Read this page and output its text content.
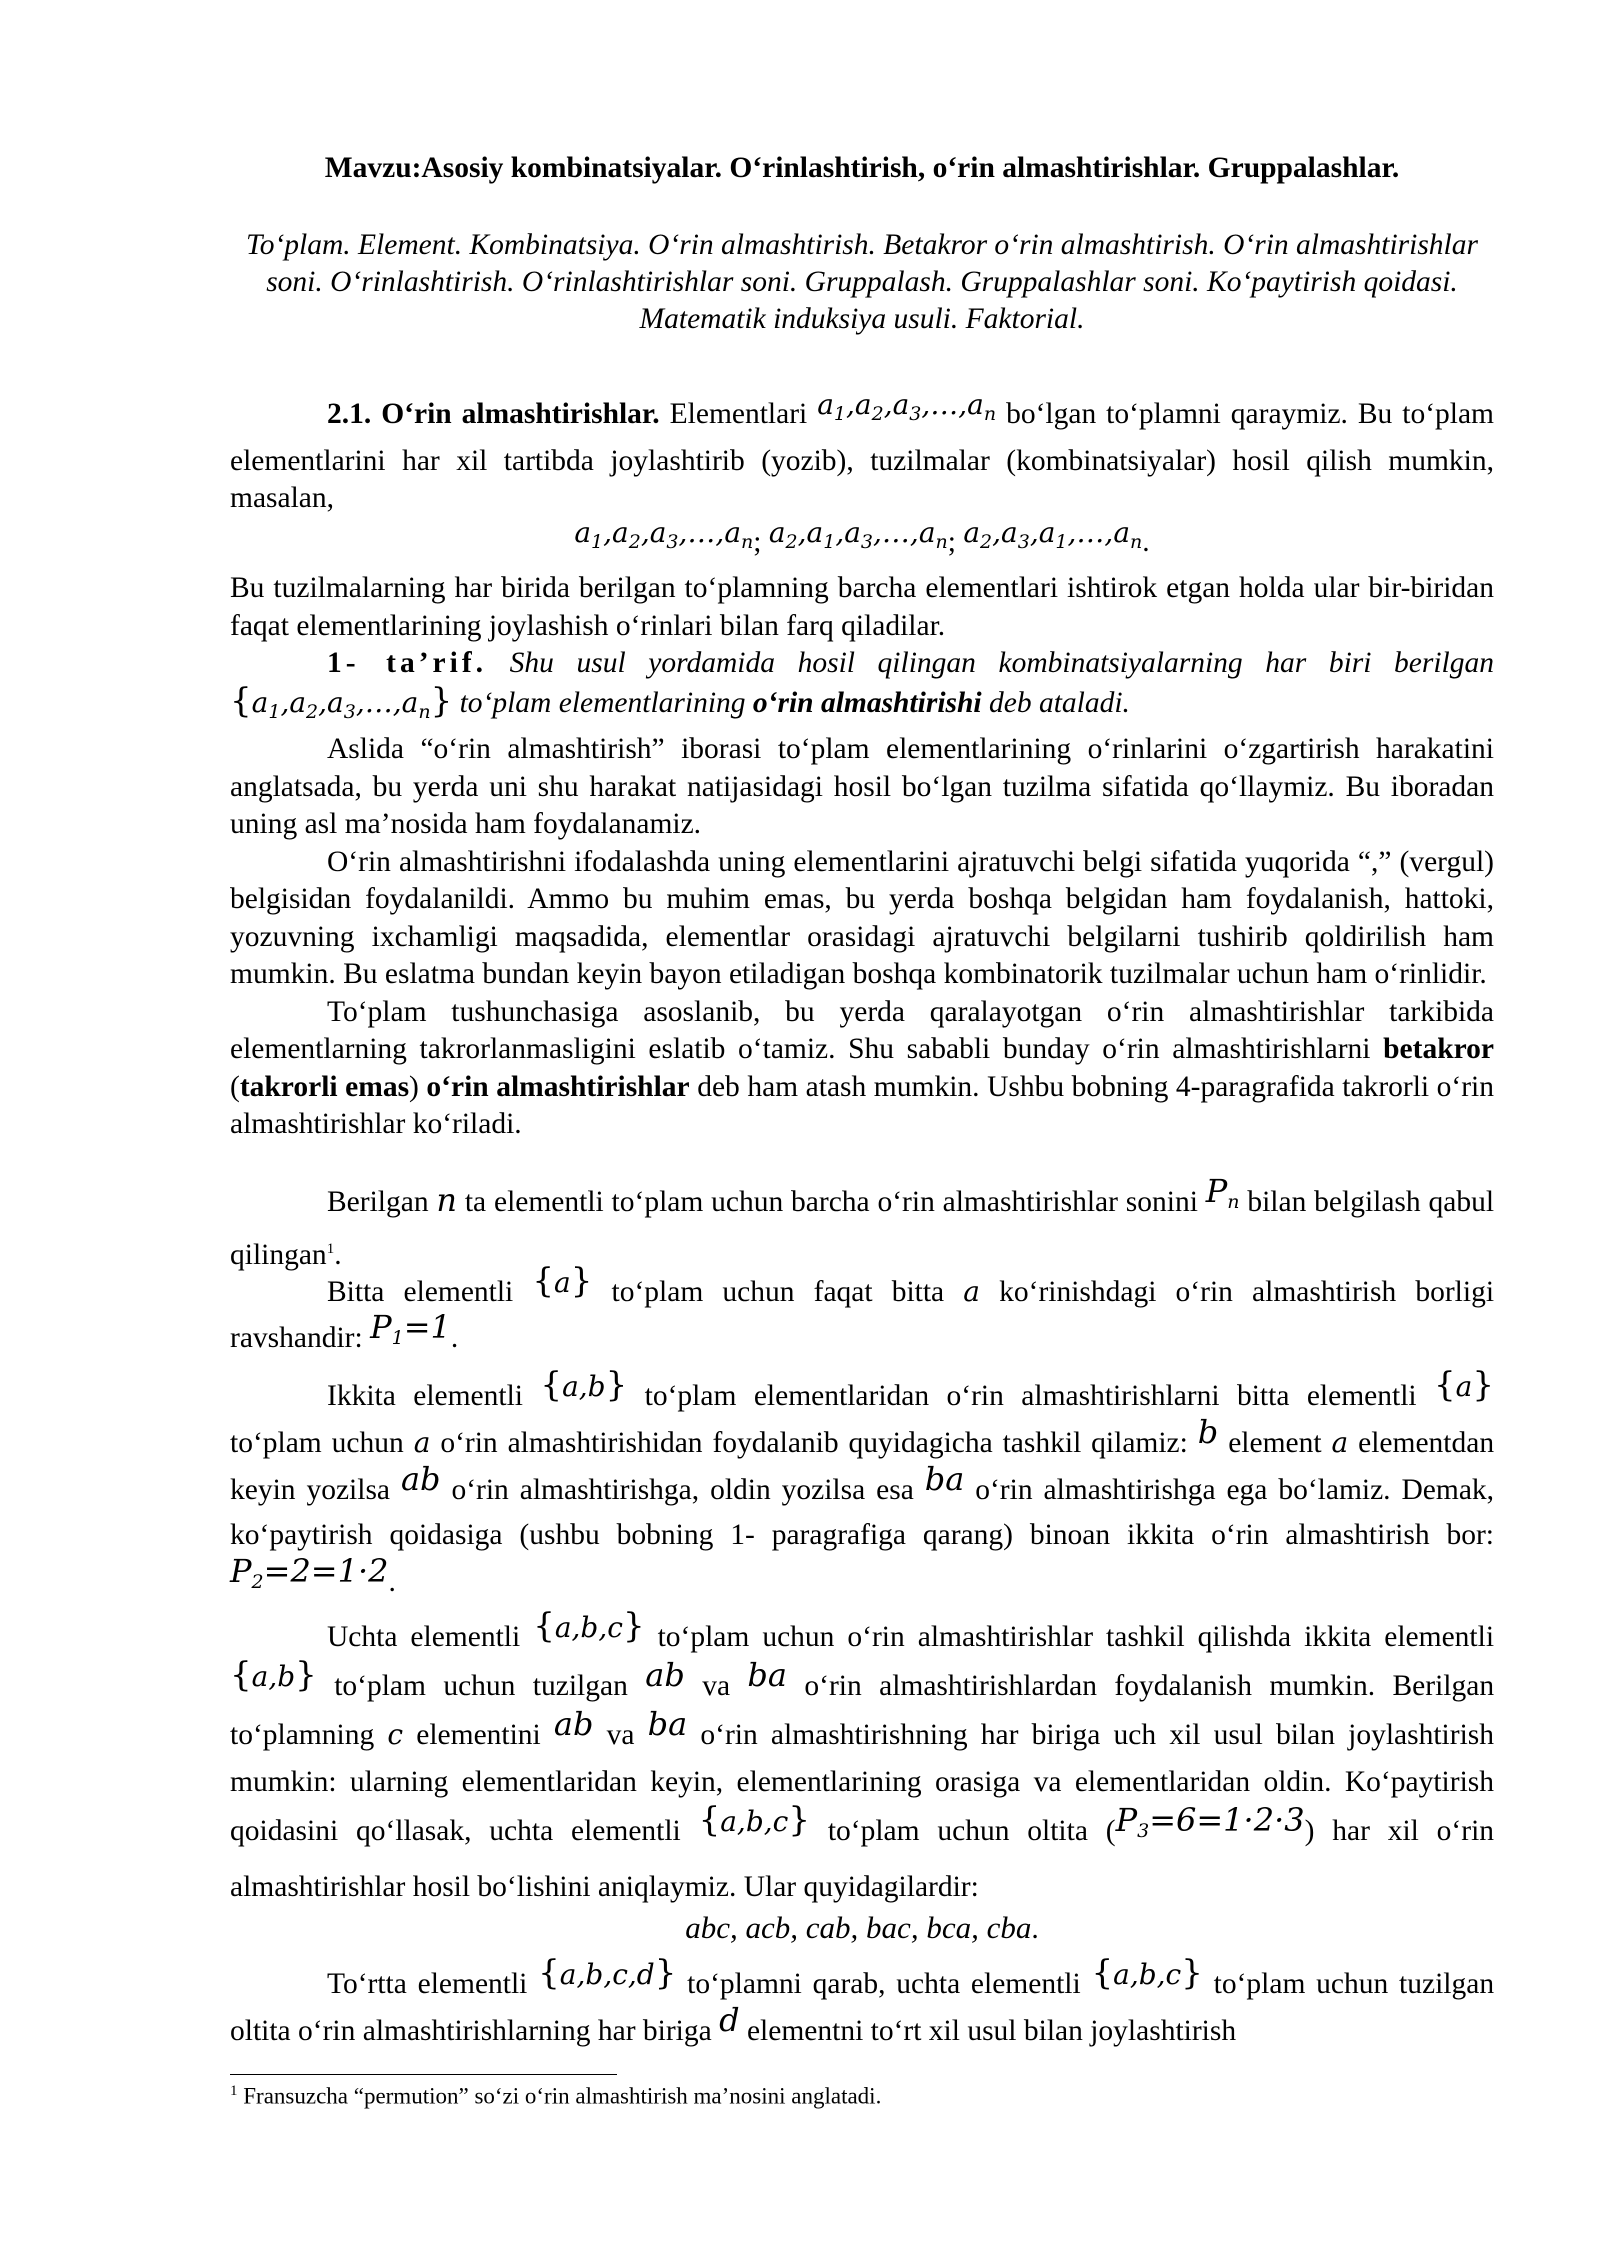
Mavzu:Asosiy kombinatsiyalar. O‘rinlashtirish, o‘rin almashtirishlar. Gruppalashlar.
To‘plam. Element. Kombinatsiya. O‘rin almashtirish. Betakror o‘rin almashtirish. O‘rin almashtirishlar soni. O‘rinlashtirish. O‘rinlashtirishlar soni. Gruppalash. Gruppalashlar soni. Ko‘paytirish qoidasi. Matematik induksiya usuli. Faktorial.

2.1. O‘rin almashtirishlar. Elementlari $a_1,a_2,a_3,\dots,a_n$ bo‘lgan to‘plamni qaraymiz. Bu to‘plam elementlarini har xil tartibda joylashtirib (yozib), tuzilmalar (kombinatsiyalar) hosil qilish mumkin, masalan,

$a_1,a_2,a_3,\dots,a_n$; $a_2,a_1,a_3,\dots,a_n$; $a_2,a_3,a_1,\dots,a_n$.

Bu tuzilmalarning har birida berilgan to‘plamning barcha elementlari ishtirok etgan holda ular bir-biridan faqat elementlarining joylashish o‘rinlari bilan farq qiladilar.

1- ta’rif. Shu usul yordamida hosil qilingan kombinatsiyalarning har biri berilgan $\{a_1,a_2,a_3,\dots,a_n\}$ to‘plam elementlarining o‘rin almashtirishi deb ataladi.

Aslida “o‘rin almashtirish” iborasi to‘plam elementlarining o‘rinlarini o‘zgartirish harakatini anglatsada, bu yerda uni shu harakat natijasidagi hosil bo‘lgan tuzilma sifatida qo‘llaymiz. Bu iboradan uning asl ma’nosida ham foydalanamiz.

O‘rin almashtirishni ifodalashda uning elementlarini ajratuvchi belgi sifatida yuqorida “,” (vergul) belgisidan foydalanildi. Ammo bu muhim emas, bu yerda boshqa belgidan ham foydalanish, hattoki, yozuvning ixchamligi maqsadida, elementlar orasidagi ajratuvchi belgilarni tushirib qoldirilish ham mumkin. Bu eslatma bundan keyin bayon etiladigan boshqa kombinatorik tuzilmalar uchun ham o‘rinlidir.

To‘plam tushunchasiga asoslanib, bu yerda qaralayotgan o‘rin almashtirishlar tarkibida elementlarning takrorlanmasligini eslatib o‘tamiz. Shu sababli bunday o‘rin almashtirishlarni betakror (takrorli emas) o‘rin almashtirishlar deb ham atash mumkin. Ushbu bobning 4-paragrafida takrorli o‘rin almashtirishlar ko‘riladi.

Berilgan n ta elementli to‘plam uchun barcha o‘rin almashtirishlar sonini $P_n$ bilan belgilash qabul qilingan$^1$.

Bitta elementli {a} to‘plam uchun faqat bitta a ko‘rinishdagi o‘rin almashtirish borligi ravshandir: $P_1=1$.

Ikkita elementli {a,b} to‘plam elementlaridan o‘rin almashtirishlarni bitta elementli {a} to‘plam uchun a o‘rin almashtirishidan foydalanib quyidagicha tashkil qilamiz: b element a elementdan keyin yozilsa ab o‘rin almashtirishga, oldin yozilsa esa ba o‘rin almashtirishga ega bo‘lamiz. Demak, ko‘paytirish qoidasiga (ushbu bobning 1- paragrafiga qarang) binoan ikkita o‘rin almashtirish bor: $P_2=2=1\cdot 2$.

Uchta elementli {a,b,c} to‘plam uchun o‘rin almashtirishlar tashkil qilishda ikkita elementli {a,b} to‘plam uchun tuzilgan ab va ba o‘rin almashtirishlardan foydalanish mumkin. Berilgan to‘plamning c elementini ab va ba o‘rin almashtirishning har biriga uch xil usul bilan joylashtirish mumkin: ularning elementlaridan keyin, elementlarining orasiga va elementlaridan oldin. Ko‘paytirish qoidasini qo‘llasak, uchta elementli {a,b,c} to‘plam uchun oltita $(P_3=6=1\cdot 2\cdot 3)$ har xil o‘rin almashtirishlar hosil bo‘lishini aniqlaymiz. Ular quyidagilardir:

abc, acb, cab, bac, bca, cba.

To‘rtta elementli {a,b,c,d} to‘plamni qarab, uchta elementli {a,b,c} to‘plam uchun tuzilgan oltita o‘rin almashtirishlarning har biriga d elementni to‘rt xil usul bilan joylashtirish

$^1$ Fransuzcha “permution” so‘zi o‘rin almashtirish ma’nosini anglatadi.
